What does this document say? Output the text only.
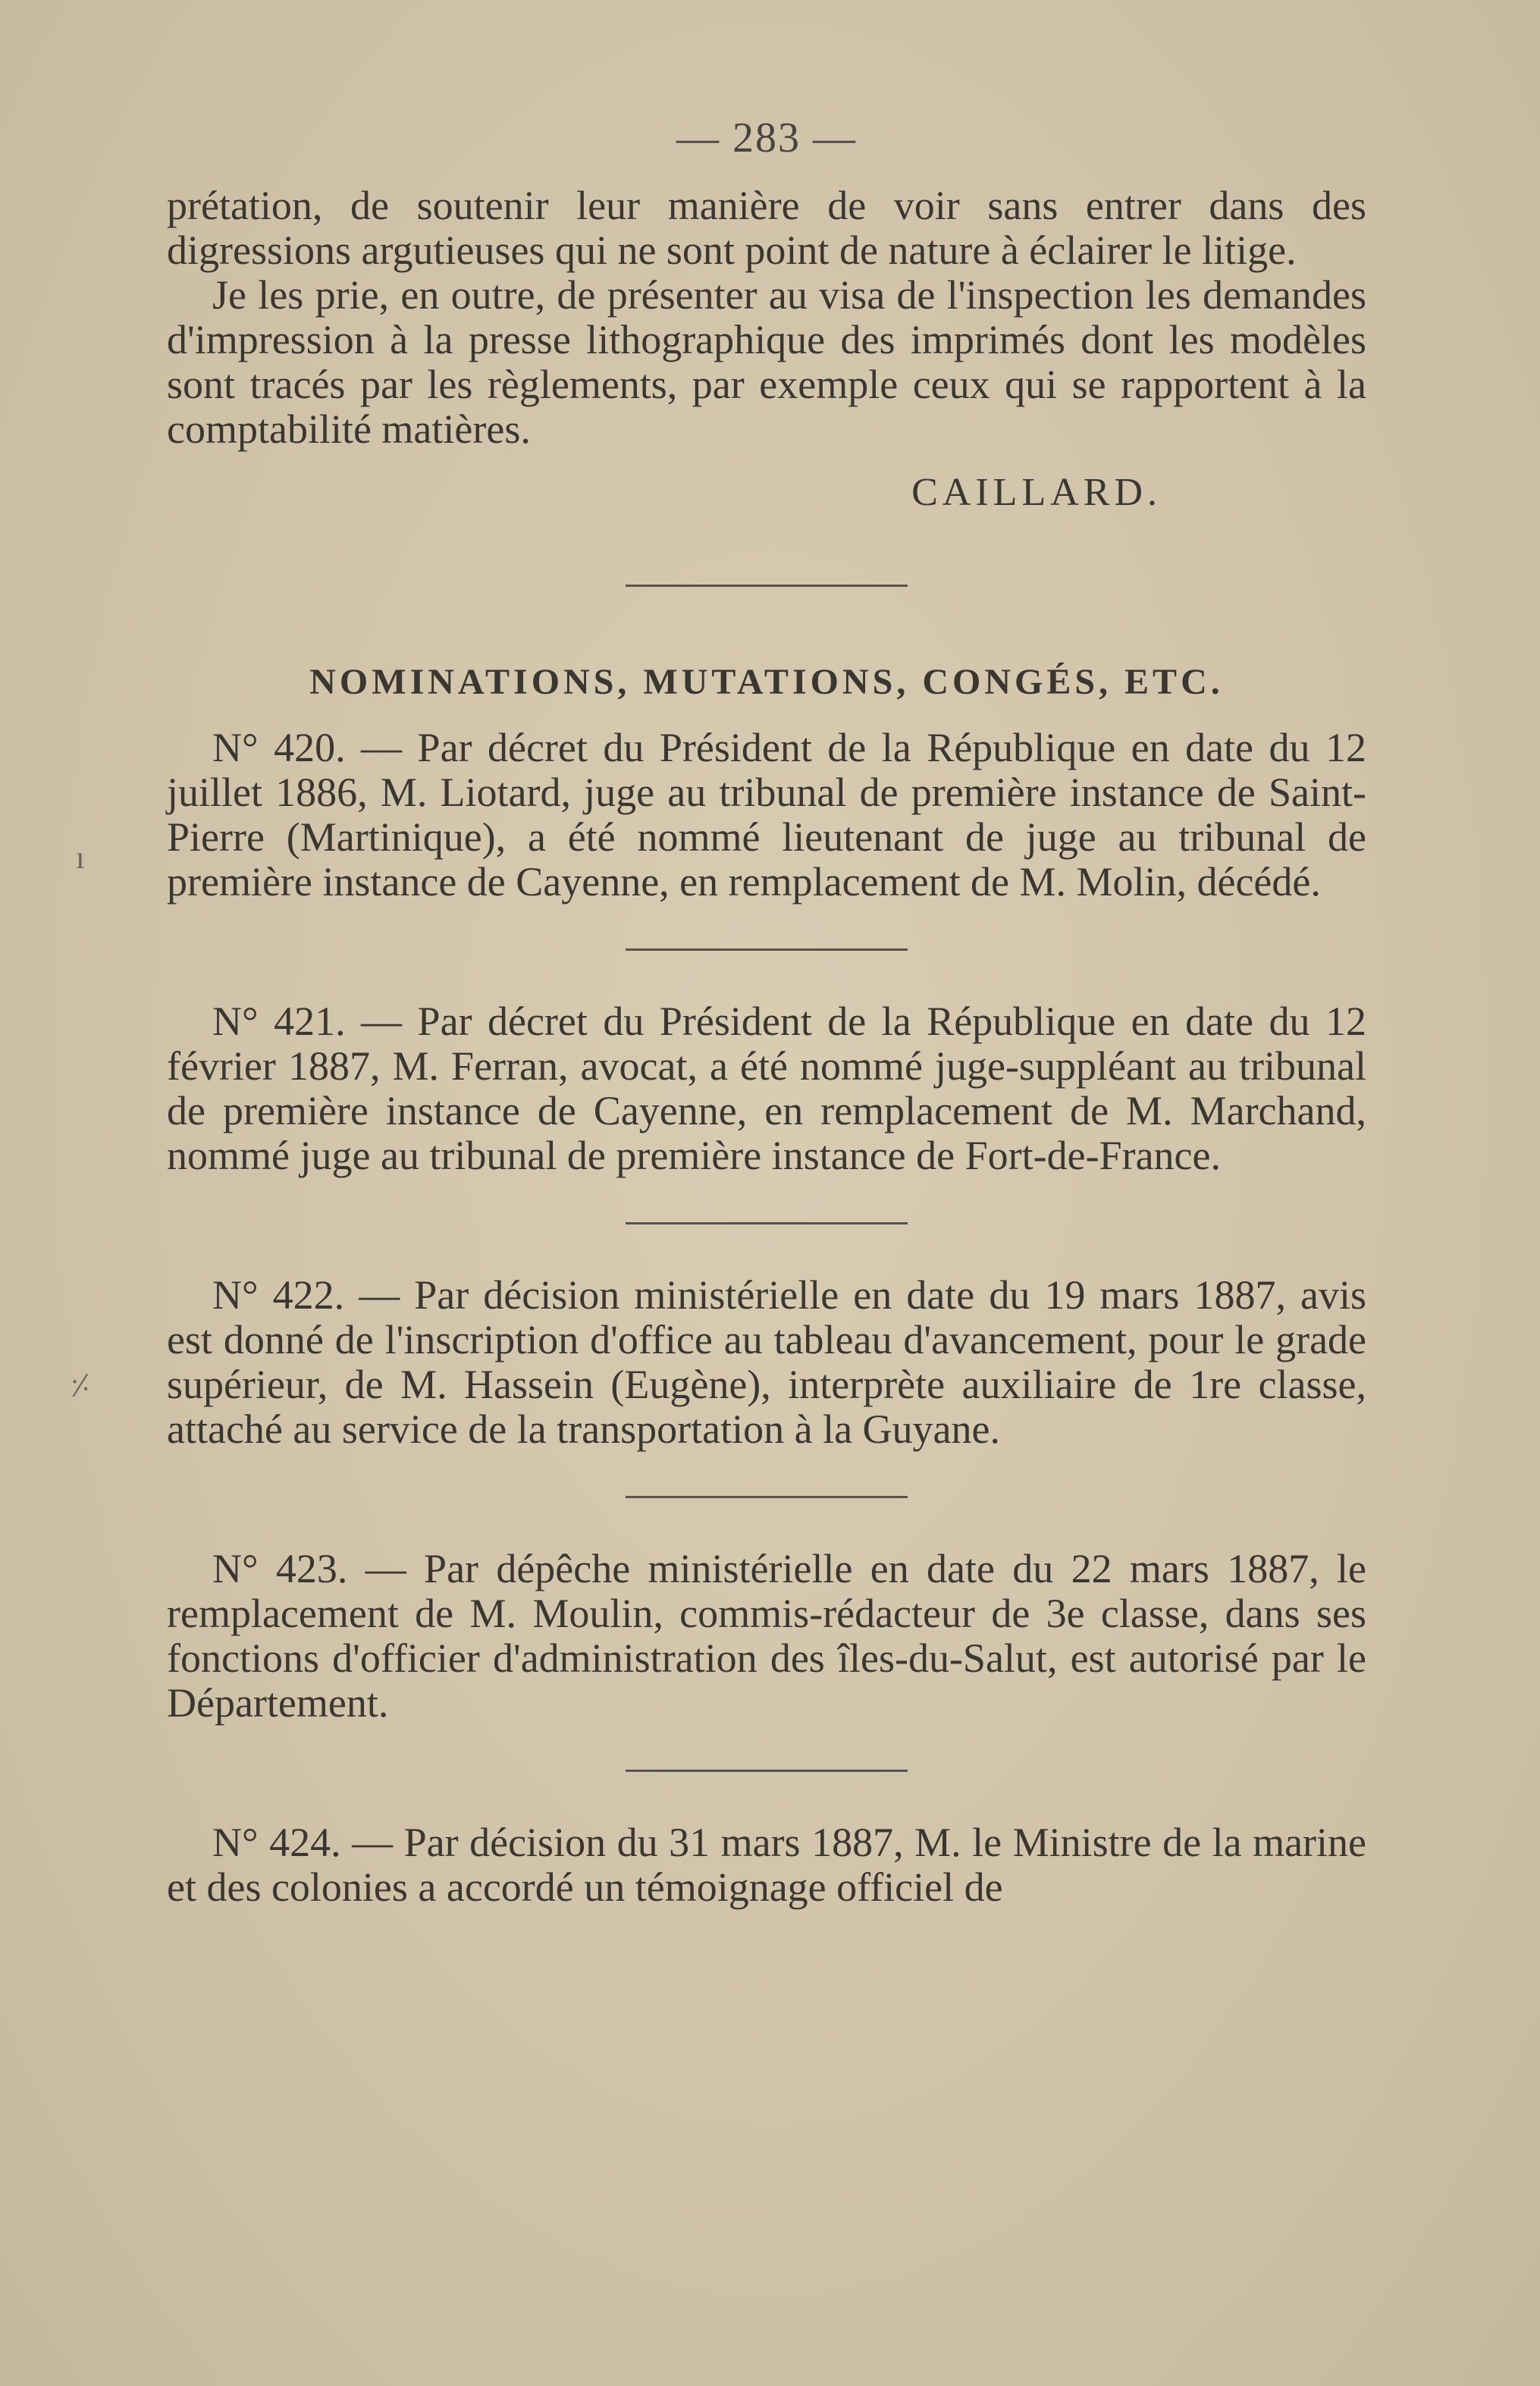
ı
⸓
— 283 —

prétation, de soutenir leur manière de voir sans entrer dans des digressions argutieuses qui ne sont point de nature à éclairer le litige.

Je les prie, en outre, de présenter au visa de l'inspection les demandes d'impression à la presse lithographique des imprimés dont les modèles sont tracés par les règlements, par exemple ceux qui se rapportent à la comptabilité matières.

CAILLARD.
NOMINATIONS, MUTATIONS, CONGÉS, ETC.

N° 420. — Par décret du Président de la République en date du 12 juillet 1886, M. Liotard, juge au tribunal de première instance de Saint-Pierre (Martinique), a été nommé lieutenant de juge au tribunal de première instance de Cayenne, en remplacement de M. Molin, décédé.

N° 421. — Par décret du Président de la République en date du 12 février 1887, M. Ferran, avocat, a été nommé juge-suppléant au tribunal de première instance de Cayenne, en remplacement de M. Marchand, nommé juge au tribunal de première instance de Fort-de-France.

N° 422. — Par décision ministérielle en date du 19 mars 1887, avis est donné de l'inscription d'office au tableau d'avancement, pour le grade supérieur, de M. Hassein (Eugène), interprète auxiliaire de 1re classe, attaché au service de la transportation à la Guyane.

N° 423. — Par dépêche ministérielle en date du 22 mars 1887, le remplacement de M. Moulin, commis-rédacteur de 3e classe, dans ses fonctions d'officier d'administration des îles-du-Salut, est autorisé par le Département.

N° 424. — Par décision du 31 mars 1887, M. le Ministre de la marine et des colonies a accordé un témoignage officiel de
